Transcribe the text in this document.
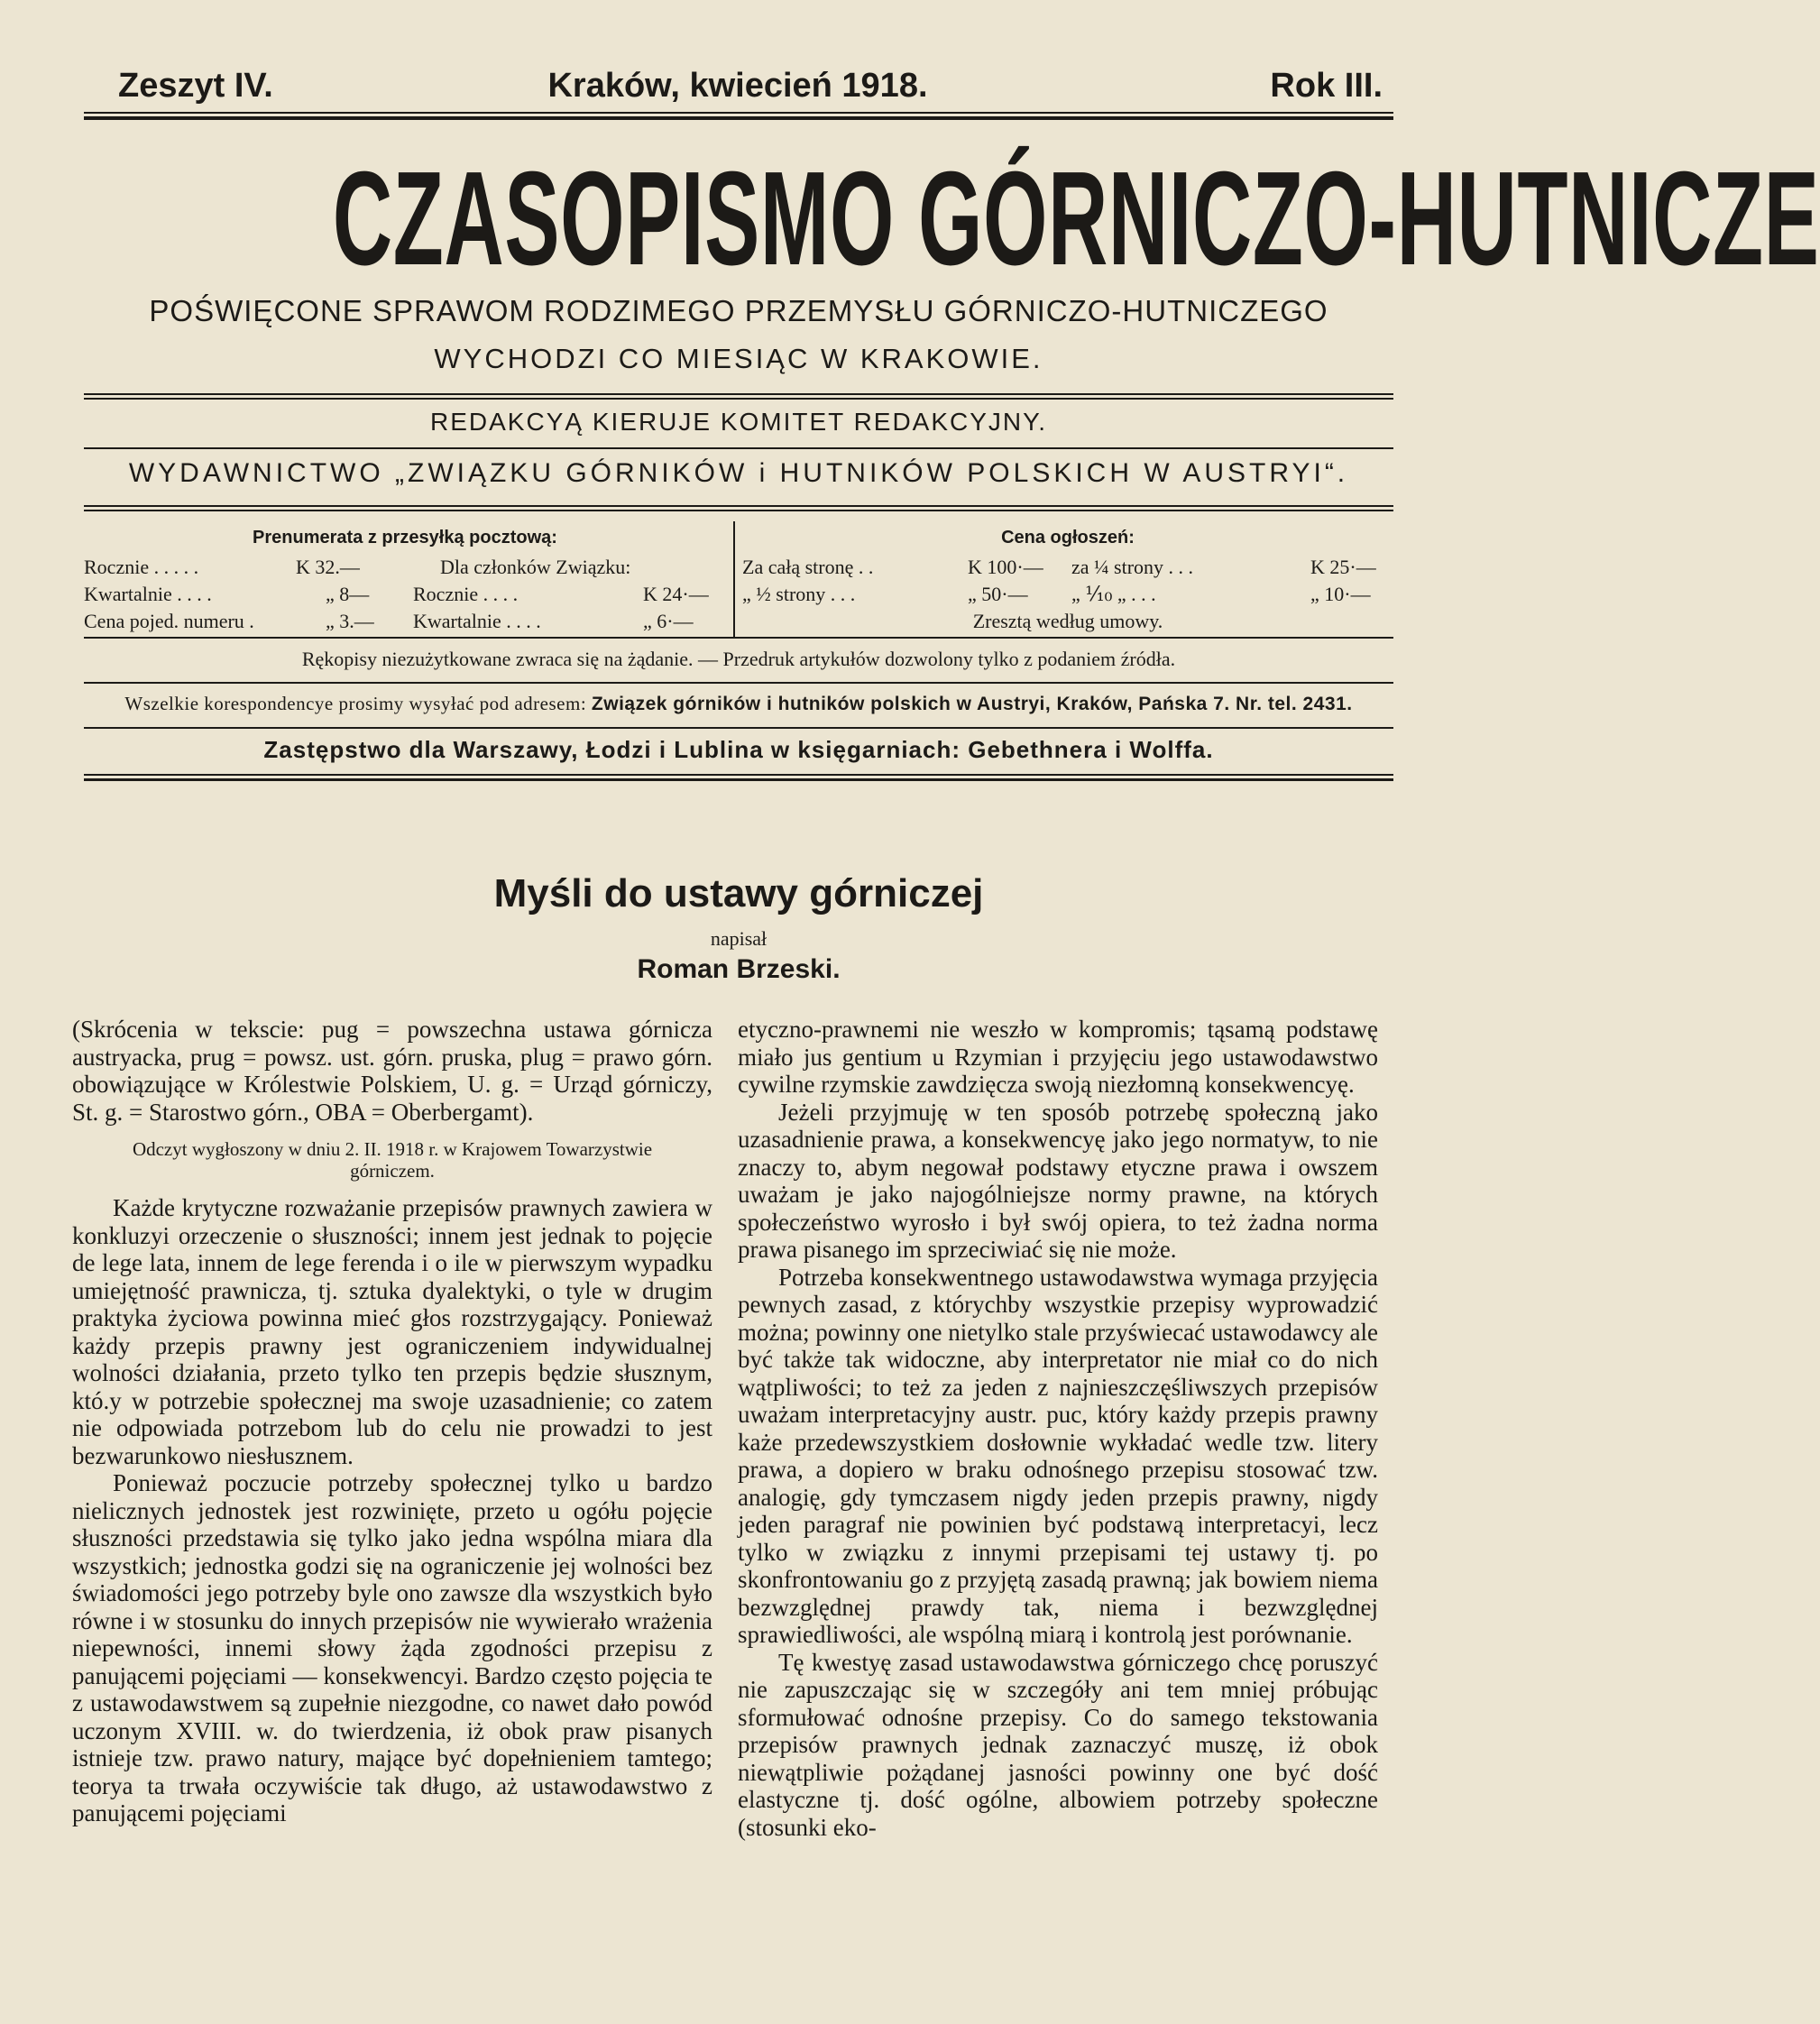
Zeszyt IV.	Kraków, kwiecień 1918.	Rok III.
CZASOPISMO GÓRNICZO-HUTNICZE
POŚWIĘCONE SPRAWOM RODZIMEGO PRZEMYSŁU GÓRNICZO-HUTNICZEGO
WYCHODZI CO MIESIĄC W KRAKOWIE.
REDAKCYĄ KIERUJE KOMITET REDAKCYJNY.
WYDAWNICTWO „ZWIĄZKU GÓRNIKÓW i HUTNIKÓW POLSKICH W AUSTRYI“.
Prenumerata z przesyłką pocztową:
Rocznie . . . . .	K 32.—	Dla członków Związku:
Kwartalnie . . . .	„ 8— Rocznie . . . .	K 24·—
Cena pojed. numeru .	„ 3.— Kwartalnie . . . .	„ 6·—
Cena ogłoszeń:
Za całą stronę . .	K 100·— za ¼ strony . . .	K 25·—
„ ½ strony . . .	„ 50·— „ ⅒ „ . . .	„ 10·—
Zresztą według umowy.
Rękopisy niezużytkowane zwraca się na żądanie. — Przedruk artykułów dozwolony tylko z podaniem źródła.
Wszelkie korespondencye prosimy wysyłać pod adresem: Związek górników i hutników polskich w Austryi, Kraków, Pańska 7. Nr. tel. 2431.
Zastępstwo dla Warszawy, Łodzi i Lublina w księgarniach: Gebethnera i Wolffa.
Myśli do ustawy górniczej
napisał
Roman Brzeski.

(Skrócenia w tekscie: pug = powszechna ustawa górnicza austryacka, prug = powsz. ust. górn. pruska, plug = prawo górn. obowiązujące w Królestwie Polskiem, U. g. = Urząd górniczy, St. g. = Starostwo górn., OBA = Oberbergamt).

Odczyt wygłoszony w dniu 2. II. 1918 r. w Krajowem Towarzystwie górniczem.

Każde krytyczne rozważanie przepisów prawnych zawiera w konkluzyi orzeczenie o słuszności; innem jest jednak to pojęcie de lege lata, innem de lege ferenda i o ile w pierwszym wypadku umiejętność prawnicza, tj. sztuka dyalektyki, o tyle w drugim praktyka życiowa powinna mieć głos rozstrzygający. Ponieważ każdy przepis prawny jest ograniczeniem indywidualnej wolności działania, przeto tylko ten przepis będzie słusznym, któ.y w potrzebie społecznej ma swoje uzasadnienie; co zatem nie odpowiada potrzebom lub do celu nie prowadzi to jest bezwarunkowo niesłusznem.

Ponieważ poczucie potrzeby społecznej tylko u bardzo nielicznych jednostek jest rozwinięte, przeto u ogółu pojęcie słuszności przedstawia się tylko jako jedna wspólna miara dla wszystkich; jednostka godzi się na ograniczenie jej wolności bez świadomości jego potrzeby byle ono zawsze dla wszystkich było równe i w stosunku do innych przepisów nie wywierało wrażenia niepewności, innemi słowy żąda zgodności przepisu z panującemi pojęciami — konsekwencyi. Bardzo często pojęcia te z ustawodawstwem są zupełnie niezgodne, co nawet dało powód uczonym XVIII. w. do twierdzenia, iż obok praw pisanych istnieje tzw. prawo natury, mające być dopełnieniem tamtego; teorya ta trwała oczywiście tak długo, aż ustawodawstwo z panującemi pojęciami

etyczno-prawnemi nie weszło w kompromis; tąsamą podstawę miało jus gentium u Rzymian i przyjęciu jego ustawodawstwo cywilne rzymskie zawdzięcza swoją niezłomną konsekwencyę.

Jeżeli przyjmuję w ten sposób potrzebę społeczną jako uzasadnienie prawa, a konsekwencyę jako jego normatyw, to nie znaczy to, abym negował podstawy etyczne prawa i owszem uważam je jako najogólniejsze normy prawne, na których społeczeństwo wyrosło i był swój opiera, to też żadna norma prawa pisanego im sprzeciwiać się nie może.

Potrzeba konsekwentnego ustawodawstwa wymaga przyjęcia pewnych zasad, z którychby wszystkie przepisy wyprowadzić można; powinny one nietylko stale przyświecać ustawodawcy ale być także tak widoczne, aby interpretator nie miał co do nich wątpliwości; to też za jeden z najnieszczęśliwszych przepisów uważam interpretacyjny austr. puc, który każdy przepis prawny każe przedewszystkiem dosłownie wykładać wedle tzw. litery prawa, a dopiero w braku odnośnego przepisu stosować tzw. analogię, gdy tymczasem nigdy jeden przepis prawny, nigdy jeden paragraf nie powinien być podstawą interpretacyi, lecz tylko w związku z innymi przepisami tej ustawy tj. po skonfrontowaniu go z przyjętą zasadą prawną; jak bowiem niema bezwzględnej prawdy tak, niema i bezwzględnej sprawiedliwości, ale wspólną miarą i kontrolą jest porównanie.

Tę kwestyę zasad ustawodawstwa górniczego chcę poruszyć nie zapuszczając się w szczegóły ani tem mniej próbując sformułować odnośne przepisy. Co do samego tekstowania przepisów prawnych jednak zaznaczyć muszę, iż obok niewątpliwie pożądanej jasności powinny one być dość elastyczne tj. dość ogólne, albowiem potrzeby społeczne (stosunki eko-
